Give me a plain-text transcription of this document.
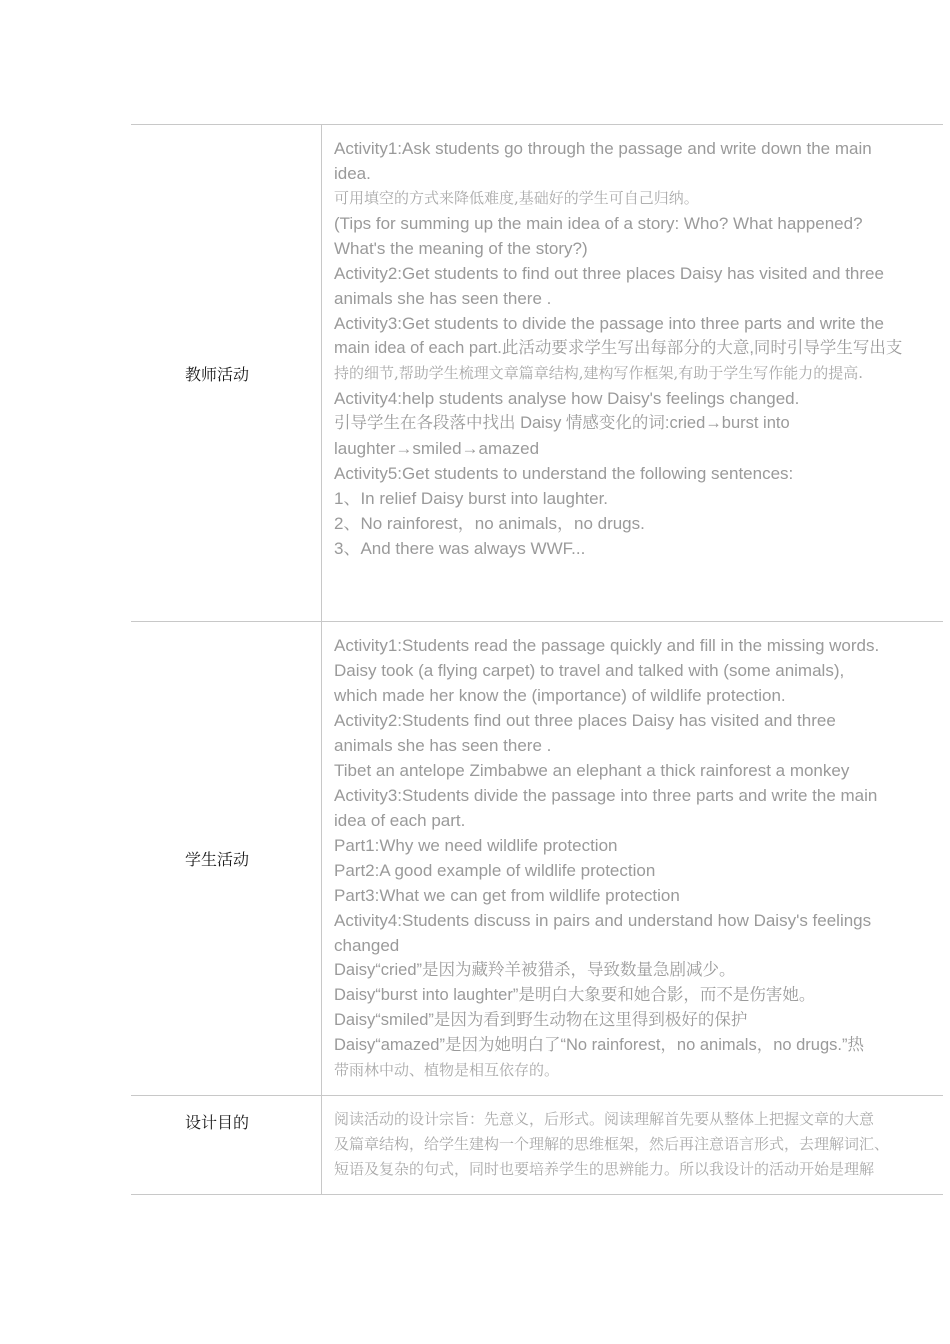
教师活动
Activity1:Ask students go through the passage and write down the main
idea.
可用填空的方式来降低难度,基础好的学生可自己归纳。
(Tips for summing up the main idea of a story: Who? What happened?
What's the meaning of the story?)
Activity2:Get students to find out three places Daisy has visited and three
animals she has seen there .
Activity3:Get students to divide the passage into three parts and write the
main idea of each part.此活动要求学生写出每部分的大意,同时引导学生写出支
持的细节,帮助学生梳理文章篇章结构,建构写作框架,有助于学生写作能力的提高.
Activity4:help students analyse how Daisy's feelings changed.
引导学生在各段落中找出 Daisy 情感变化的词:cried→burst into
laughter→smiled→amazed
Activity5:Get students to understand the following sentences:
1、In relief Daisy burst into laughter.
2、No rainforest，no animals，no drugs.
3、And there was always WWF...
学生活动
Activity1:Students read the passage quickly and fill in the missing words.
Daisy took (a flying carpet) to travel and talked with (some animals),
which made her know the (importance) of wildlife protection.
Activity2:Students find out three places Daisy has visited and three
animals she has seen there .
Tibet an antelope Zimbabwe an elephant a thick rainforest a monkey
Activity3:Students divide the passage into three parts and write the main
idea of each part.
Part1:Why we need wildlife protection
Part2:A good example of wildlife protection
Part3:What we can get from wildlife protection
Activity4:Students discuss in pairs and understand how Daisy's feelings
changed
Daisy“cried”是因为藏羚羊被猎杀，导致数量急剧减少。
Daisy“burst into laughter”是明白大象要和她合影，而不是伤害她。
Daisy“smiled”是因为看到野生动物在这里得到极好的保护
Daisy“amazed”是因为她明白了“No rainforest，no animals，no drugs.”热
带雨林中动、植物是相互依存的。
设计目的	阅读活动的设计宗旨：先意义，后形式。阅读理解首先要从整体上把握文章的大意
及篇章结构，给学生建构一个理解的思维框架，然后再注意语言形式，去理解词汇、
短语及复杂的句式，同时也要培养学生的思辨能力。所以我设计的活动开始是理解
